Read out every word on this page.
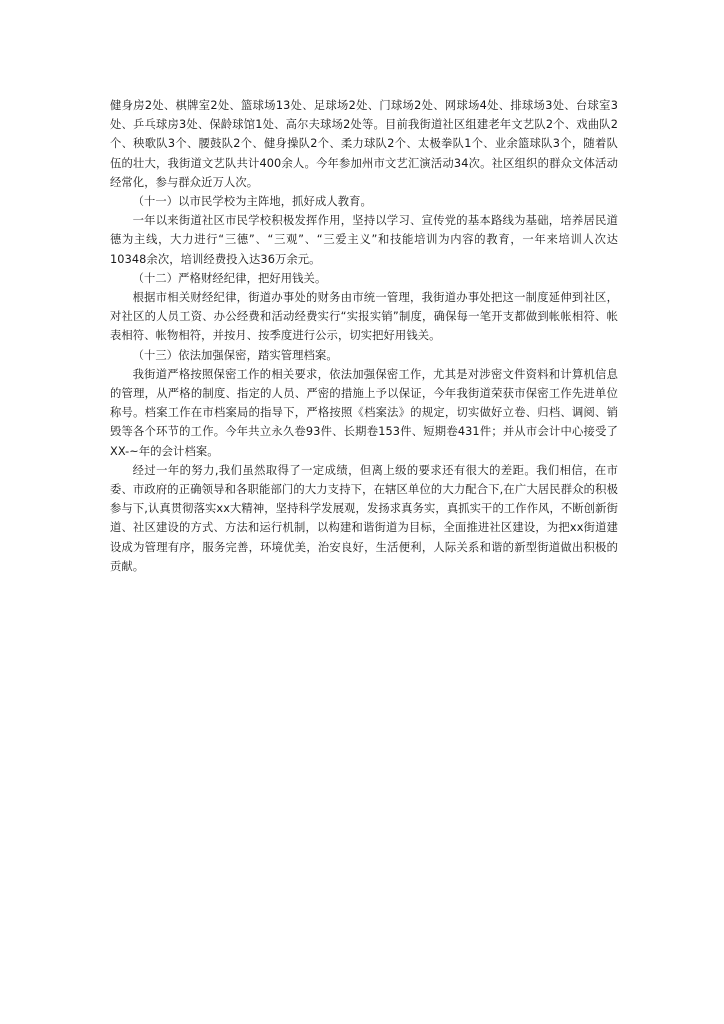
健身房2处、棋牌室2处、篮球场13处、足球场2处、门球场2处、网球场4处、排球场3处、台球室3处、乒乓球房3处、保龄球馆1处、高尔夫球场2处等。目前我街道社区组建老年文艺队2个、戏曲队2个、秧歌队3个、腰鼓队2个、健身操队2个、柔力球队2个、太极拳队1个、业余篮球队3个，随着队伍的壮大，我街道文艺队共计400余人。今年参加州市文艺汇演活动34次。社区组织的群众文体活动经常化，参与群众近万人次。

（十一）以市民学校为主阵地，抓好成人教育。

一年以来街道社区市民学校积极发挥作用，坚持以学习、宣传党的基本路线为基础，培养居民道德为主线，大力进行“三德”、“三观”、“三爱主义”和技能培训为内容的教育，一年来培训人次达10348余次，培训经费投入达36万余元。

（十二）严格财经纪律，把好用钱关。

根据市相关财经纪律，街道办事处的财务由市统一管理，我街道办事处把这一制度延伸到社区，对社区的人员工资、办公经费和活动经费实行“实报实销”制度，确保每一笔开支都做到帐帐相符、帐表相符、帐物相符，并按月、按季度进行公示，切实把好用钱关。

（十三）依法加强保密，踏实管理档案。

我街道严格按照保密工作的相关要求，依法加强保密工作，尤其是对涉密文件资料和计算机信息的管理，从严格的制度、指定的人员、严密的措施上予以保证，今年我街道荣获市保密工作先进单位称号。档案工作在市档案局的指导下，严格按照《档案法》的规定，切实做好立卷、归档、调阅、销毁等各个环节的工作。今年共立永久卷93件、长期卷153件、短期卷431件；并从市会计中心接受了XX-~年的会计档案。

经过一年的努力,我们虽然取得了一定成绩，但离上级的要求还有很大的差距。我们相信，在市委、市政府的正确领导和各职能部门的大力支持下，在辖区单位的大力配合下,在广大居民群众的积极参与下,认真贯彻落实xx大精神，坚持科学发展观，发扬求真务实，真抓实干的工作作风，不断创新街道、社区建设的方式、方法和运行机制，以构建和谐街道为目标，全面推进社区建设，为把xx街道建设成为管理有序，服务完善，环境优美，治安良好，生活便利，人际关系和谐的新型街道做出积极的贡献。
